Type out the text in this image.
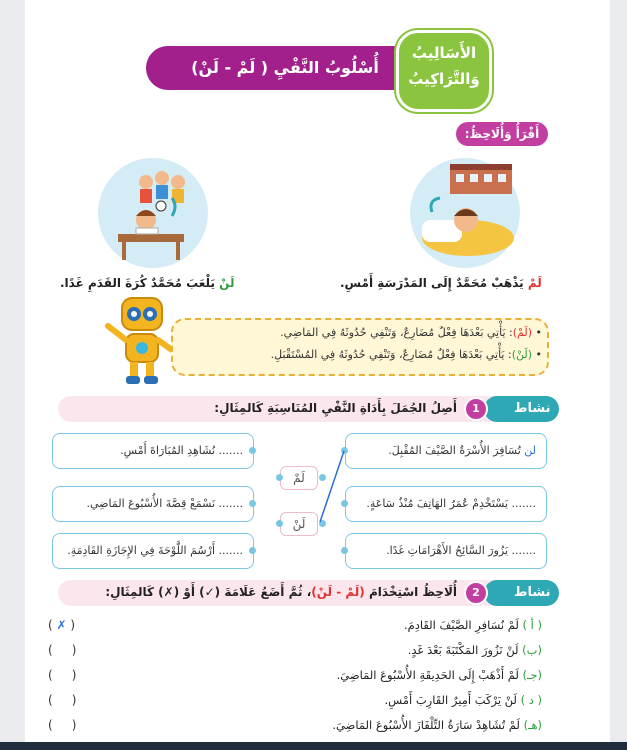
أُسْلُوبُ النَّفْيِ ( لَمْ - لَنْ)
الأَسَالِيبُ
وَالتَّرَاكِيبُ
أَقْرَأُ وَأُلَاحِظُ:
لَمْ يَذْهَبْ مُحَمَّدٌ إِلَى المَدْرَسَةِ أَمْسِ.
لَنْ يَلْعَبَ مُحَمَّدٌ كُرَةَ القَدَمِ غَدًا.
• (لَمْ): يَأْتِي بَعْدَهَا فِعْلٌ مُضَارِعٌ، وَتَنْفِي حُدُوثَهُ فِي المَاضِي.
• (لَنْ): يَأْتِي بَعْدَهَا فِعْلٌ مُضَارِعٌ، وَتَنْفِي حُدُوثَهُ فِي المُسْتَقْبَلِ.
نشاط
1
أَصِلُ الجُمَلَ بِأَدَاةِ النَّفْيِ المُنَاسِبَةِ كَالمِثَالِ:
لن تُسَافِرَ الأُسْرَةُ الصَّيْفَ المُقْبِلَ.
....... يَسْتَخْدِمْ عُمَرُ الهَاتِفَ مُنْذُ سَاعَةٍ.
....... يَزُورَ السَّائِحُ الأَهْرَامَاتِ غَدًا.
....... نُشَاهِدِ المُبَارَاةَ أَمْسِ.
....... نَسْمَعْ قِصَّةَ الأُسْبُوعَ المَاضِي.
....... أَرْسُمَ اللَّوْحَةَ فِي الإِجَازَةِ القَادِمَةِ.
لَمْ
لَنْ
نشاط
2
أُلَاحِظُ اسْتِخْدَامَ (لَمْ - لَنْ)، ثُمَّ أَضَعُ عَلَامَةَ (✓) أَوْ (✗) كَالمِثَالِ:
( أ ) لَمْ نُسَافِرِ الصَّيْفَ القَادِمَ.
(ب) لَنْ نَزُورَ المَكْتَبَةَ بَعْدَ غَدٍ.
(جـ) لَمْ أَذْهَبْ إِلَى الحَدِيقَةِ الأُسْبُوعَ المَاضِيَ.
( د ) لَنْ يَرْكَبَ أَمِيرٌ القَارِبَ أَمْسِ.
(هـ) لَمْ تُشَاهِدْ سَارَةُ التِّلْفَازَ الأُسْبُوعَ المَاضِيَ.
( ✗ )
(     )
(     )
(     )
(     )
